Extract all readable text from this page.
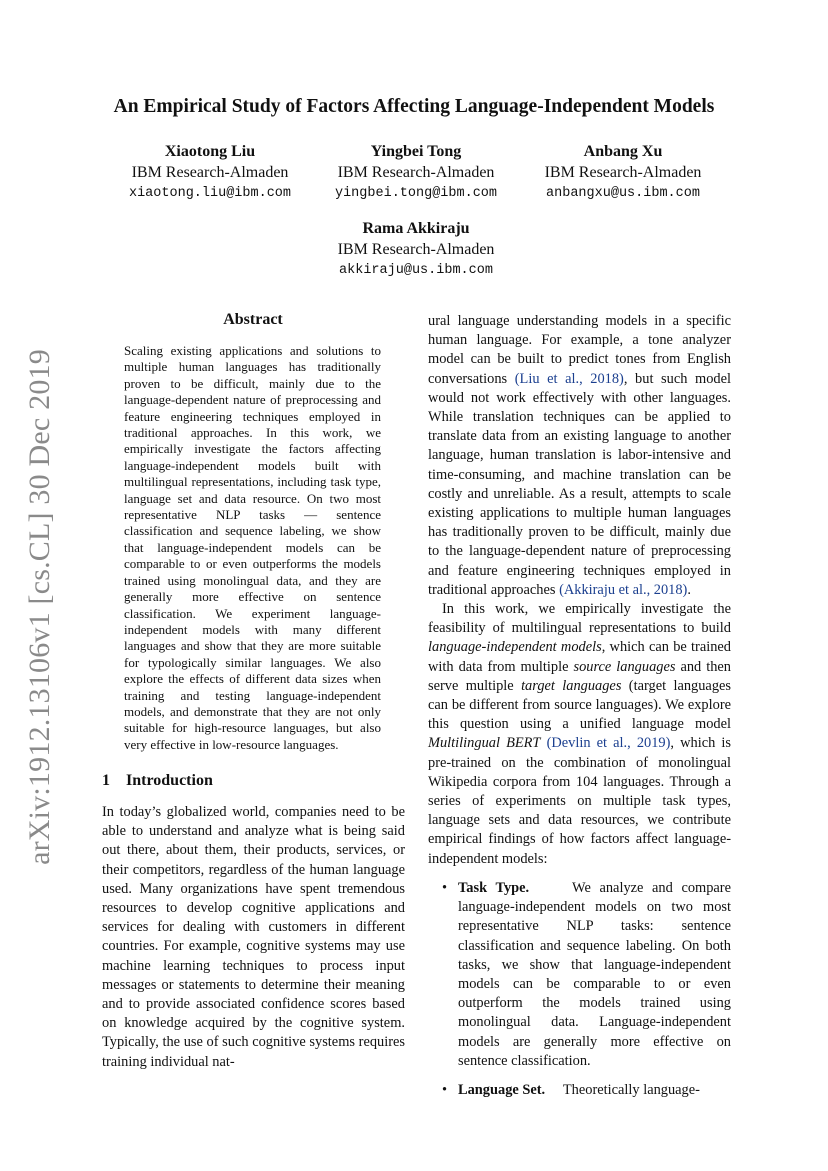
arXiv:1912.13106v1 [cs.CL] 30 Dec 2019
An Empirical Study of Factors Affecting Language-Independent Models
Xiaotong Liu
IBM Research-Almaden
xiaotong.liu@ibm.com
Yingbei Tong
IBM Research-Almaden
yingbei.tong@ibm.com
Anbang Xu
IBM Research-Almaden
anbangxu@us.ibm.com
Rama Akkiraju
IBM Research-Almaden
akkiraju@us.ibm.com
Abstract
Scaling existing applications and solutions to multiple human languages has traditionally proven to be difficult, mainly due to the language-dependent nature of preprocessing and feature engineering techniques employed in traditional approaches. In this work, we empirically investigate the factors affecting language-independent models built with multilingual representations, including task type, language set and data resource. On two most representative NLP tasks — sentence classification and sequence labeling, we show that language-independent models can be comparable to or even outperforms the models trained using monolingual data, and they are generally more effective on sentence classification. We experiment language-independent models with many different languages and show that they are more suitable for typologically similar languages. We also explore the effects of different data sizes when training and testing language-independent models, and demonstrate that they are not only suitable for high-resource languages, but also very effective in low-resource languages.
1 Introduction
In today’s globalized world, companies need to be able to understand and analyze what is being said out there, about them, their products, services, or their competitors, regardless of the human language used. Many organizations have spent tremendous resources to develop cognitive applications and services for dealing with customers in different countries. For example, cognitive systems may use machine learning techniques to process input messages or statements to determine their meaning and to provide associated confidence scores based on knowledge acquired by the cognitive system. Typically, the use of such cognitive systems requires training individual nat-

ural language understanding models in a specific human language. For example, a tone analyzer model can be built to predict tones from English conversations (Liu et al., 2018), but such model would not work effectively with other languages. While translation techniques can be applied to translate data from an existing language to another language, human translation is labor-intensive and time-consuming, and machine translation can be costly and unreliable. As a result, attempts to scale existing applications to multiple human languages has traditionally proven to be difficult, mainly due to the language-dependent nature of preprocessing and feature engineering techniques employed in traditional approaches (Akkiraju et al., 2018).

In this work, we empirically investigate the feasibility of multilingual representations to build language-independent models, which can be trained with data from multiple source languages and then serve multiple target languages (target languages can be different from source languages). We explore this question using a unified language model Multilingual BERT (Devlin et al., 2019), which is pre-trained on the combination of monolingual Wikipedia corpora from 104 languages. Through a series of experiments on multiple task types, language sets and data resources, we contribute empirical findings of how factors affect language-independent models:

• Task Type.	We analyze and compare language-independent models on two most representative NLP tasks: sentence classification and sequence labeling. On both tasks, we show that language-independent models can be comparable to or even outperform the models trained using monolingual data. Language-independent models are generally more effective on sentence classification.
• Language Set. Theoretically language-
